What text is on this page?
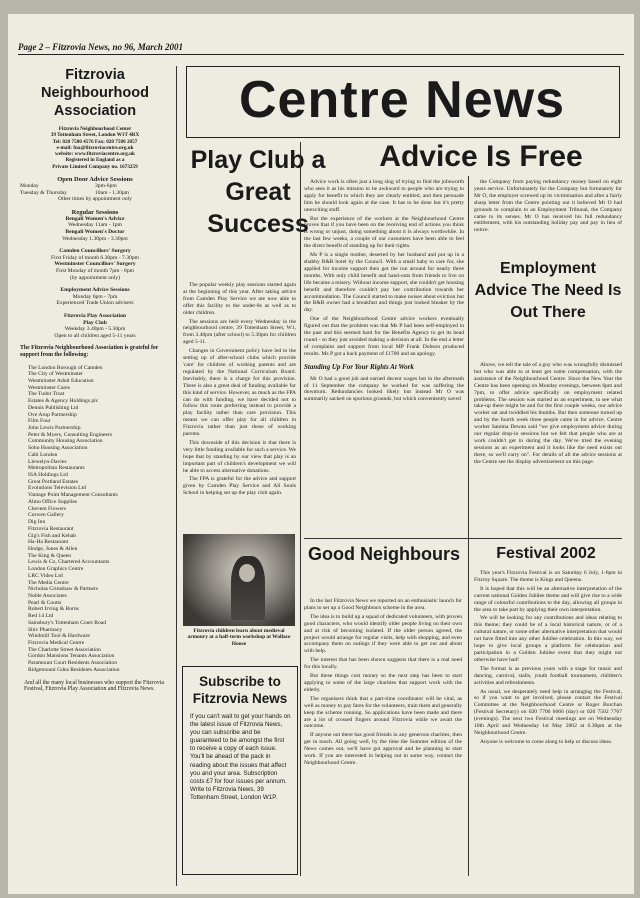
Page 2 – Fitzrovia News, no 96, March 2001
Fitzrovia Neighbourhood Association
Fitzrovia Neighbourhood Center
39 Tottenham Street, London W1T 4RX
Tel: 020 7580 4576 Fax: 020 7580 2057
e-mail: fna@fitzroviacentre.org.uk
website: www.fitzroviacentre.org.uk
Registered in England as a
Private Limited Company no. 1673259
Open Door Advice Sessions
Monday	3pm-6pm
Tuesday & Thursday	10am - 1.30pm
Other times by appointment only
Regular Sessions
Bengali Women's Advice
Wednesday 11am - 1pm
Bengali Women's Doctor
Wednesday 1.30pm - 3.30pm
Camden Councillors' Surgery
First Friday of month 6.30pm - 7.30pm
Westminster Councillors' Surgery
First Monday of month 7pm - 8pm
(by appointment only)
Employment Advice Sessions
Monday 6pm - 7pm
Experienced Trade Union advisers
Fitzrovia Play Association
Play Club
Weekday 3.40pm - 5.30pm
Open to all children aged 5-11 years
The Fitzrovia Neighbourhood Association is grateful for support from the following:
The London Borough of Camden
The City of Westminster
Westminster Adult Education
Westminster Cares
The Tudor Trust
Estates & Agency Holdings plc
Dennis Publishing Ltd
Ove Arup Partnership
Film Four
John Lewis Partnership
Peter & Myers, Consulting Engineers
Community Housing Association
Soho Housing Association
Cabi London
Llewelyn-Davies
Metropolitan Restaurants
ISA Holdings Ltd
Great Portland Estates
Evolutions Television Ltd
Vantage Point Management Consultants
Almo Office Supplies
Chevem Flowers
Curwen Gallery
Dig Inn
Fitzrovia Restaurant
Gig's Fish and Kebab
Ha-Ha Restaurant
Hodge, Jones & Allen
The King & Queen
Lewis & Co, Chartered Accountants
London Graphics Centre
LRC Video Ltd
The Media Centre
Nicholas Grimshaw & Partners
Noble Associates
Pearl & Coutts
Robert Irving & Burns
Red 14 Ltd
Sainsbury's Tottenham Court Road
Shiv Pharmacy
Windmill Tool & Hardware
Fitzrovia Medical Centre
The Charlotte Street Association
Gordon Mansions Tenants Association
Paramount Court Residents Association
Ridgemount Gdns Residents Association
And all the many local businesses who support the Fitzrovia Festival, Fitzrovia Play Association and Fitzrovia News.
Centre News
Play Club a Great Success

The popular weekly play sessions started again at the beginning of this year. After taking advice from Camden Play Service we are now able to offer this facility to the under-8s as well as to older children.

The sessions are held every Wednesday in the neighbourhood centre, 39 Tottenham Street, W1, from 3.40pm (after school) to 5.30pm for children aged 5-11.

Changes in Government policy have led to the setting up of after-school clubs which provide 'care' for children of working parents and are regulated by the National Curriculum Board. Inevitably, there is a charge for this provision. There is also a great deal of funding available for this kind of service. However, as much as the FPA can do with funding, we have decided not to follow this route preferring instead to provide a play facility rather than care provision. This means we can offer play for all children in Fitzrovia rather than just those of working parents.

This downside of this decision is that there is very little funding available for such a service. We hope that by standing by our view that play is an important part of children's development we will be able to access alternative donations.

The FPA is grateful for the advice and support given by Camden Play Service and All Souls School in helping set up the play club again.

Fitzrovia children learn about medieval armoury at a half-term workshop at Wallace House
Subscribe to Fitzrovia News
If you can't wait to get your hands on the latest issue of Fitzrovia News, you can subscribe and be guaranteed to be amongst the first to receive a copy of each issue. You'll be ahead of the pack in reading about the issues that affect you and your area. Subscription costs £7 for four issues per annum. Write to Fitzrovia News, 39 Tottenham Street, London W1P.
Advice Is Free

Advice work is often just a long slog of trying to find the jobsworth who sees it as his mission to be awkward to people who are trying to apply for benefit to which they are clearly entitled, and then persuade him he should look again at the case. It has to be done but it's pretty unexciting stuff.

But the experience of the workers at the Neighbourhood Centre proves that if you have been on the receiving end of actions you think is wrong or unjust, doing something about it is always worthwhile. In the last few weeks, a couple of our customers have been able to feel the direct benefit of standing up for their rights.

Ms P is a single mother, deserted by her husband and put up in a shabby B&B hotel by the Council. With a small baby to care for, she applied for income support then got the run around for nearly three months. With only child benefit and hand-outs from friends to live on life became a misery. Without income support, she couldn't get housing benefit and therefore couldn't pay her contribution towards her accommodation. The Council started to make noises about eviction but the B&B owner had a breakfast and things just looked bleaker by the day.

One of the Neighbourhood Centre advice workers eventually figured out that the problem was that Ms P had been self-employed in the past and this seemed hard for the Benefits Agency to get its head round - so they just avoided making a decision at all. In the end a letter of complaint and support from local MP Frank Dobson produced results. Ms P got a back payment of £1700 and an apology.

Standing Up For Your Rights At Work

Mr O had a good job and earned decent wages but in the aftermath of 11 September the company he worked for was suffering the downturn. Redundancies looked likely but instead Mr O was summarily sacked on spurious grounds, but which conveniently saved

the Company from paying redundancy money based on eight years service. Unfortunately for the Company but fortunately for Mr O, the employer screwed up its victimisation and after a fairly sharp letter from the Centre pointing out it believed Mr O had grounds to complain to an Employment Tribunal, the Company came to its senses. Mr O has received his full redundancy entitlement, with his outstanding holiday pay and pay in lieu of notice.

Employment Advice The Need Is Out There

Above, we tell the tale of a guy who was wrongfully dismissed but who was able to at least get some compensation, with the assistance of the Neighbourhood Centre. Since the New Year the Centre has been opening on Monday evenings, between 6pm and 7pm, to offer advice specifically on employment related problems. The session was started as an experiment, to see what take-up there might be and for the first couple weeks, our advice worker sat and twiddled his thumbs. But then someone turned up and by the fourth week three people came in for advice. Centre worker Sanima Dewan said "we give employment advice during our regular drop-in sessions but we felt that people who are at work couldn't get in during the day. We've tried the evening sessions as an experiment and it looks like the need exists out there, so we'll carry on". For details of all the advice sessions at the Centre see the display advertisement on this page.

Good Neighbours

In the last Fitzrovia News we reported on an enthusiastic launch for plans to set up a Good Neighbours scheme in the area.

The idea is to build up a squad of dedicated volunteers, with proven good characters, who would identify older people living on their own and at risk of becoming isolated. If the older person agreed, the project would arrange for regular visits, help with shopping, and even accompany them on outings if they were able to get out and about with help.

The interest that has been shown suggests that there is a real need for this locally.

But these things cost money so the next step has been to start applying to some of the large charities that support work with the elderly.

The organisers think that a part-time coordinator will be vital, as well as money to pay fares for the volunteers, train them and generally keep the scheme running. So applications have been made and there are a lot of crossed fingers around Fitzrovia while we await the outcome.

If anyone out there has good friends in any generous charities, then get in touch. All going well, by the time the Summer edition of the News comes out, we'll have got approval and be planning to start work. If you are interested in helping out in some way, contact the Neighbourhood Centre.

Festival 2002

This year's Fitzrovia Festival is on Saturday 6 July, 1-6pm in Fitzroy Square. The theme is Kings and Queens.

It is hoped that this will be an alternative interpretation of the current national Golden Jubilee theme and will give rise to a wide range of colourful contributions to the day, allowing all groups in the area to take part by applying their own interpretation.

We will be looking for any contributions and ideas relating to this theme; they could be of a local historical nature, or of a cultural nature, or some other alternative interpretation that would not have fitted into any other Jubilee celebration. In this way, we hope to give local groups a platform for celebration and participation in a Golden Jubilee event that they might not otherwise have had!

The format is as previous years with a stage for music and dancing, carnival, stalls, youth football tournament, children's activities and refreshments.

As usual, we desperately need help in arranging the Festival, so if you want to get involved, please contact the Festival Committee at the Neighbourhood Centre or Roger Burchan (Festival Secretary) on 020 7700 6666 (day) or 020 7502 7767 (evenings). The next two Festival meetings are on Wednesday 10th April and Wednesday 1st May 2002 at 6.30pm at the Neighbourhood Centre.

Anyone is welcome to come along to help or discuss ideas.
